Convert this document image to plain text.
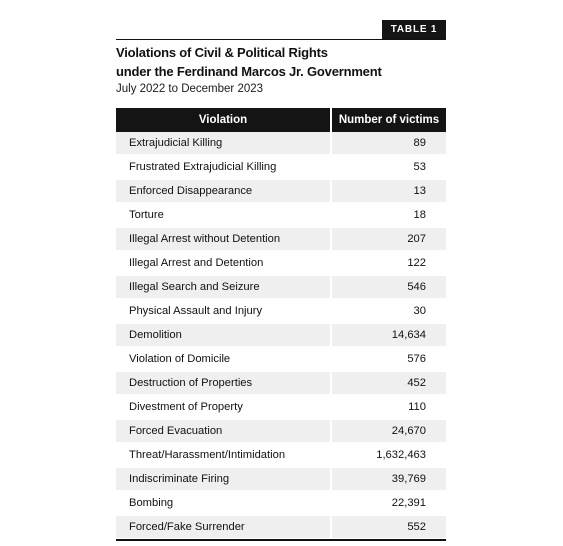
TABLE 1
Violations of Civil & Political Rights
under the Ferdinand Marcos Jr. Government
July 2022 to December 2023
Violation	Number of victims
Extrajudicial Killing	89
Frustrated Extrajudicial Killing	53
Enforced Disappearance	13
Torture	18
Illegal Arrest without Detention	207
Illegal Arrest and Detention	122
Illegal Search and Seizure	546
Physical Assault and Injury	30
Demolition	14,634
Violation of Domicile	576
Destruction of Properties	452
Divestment of Property	110
Forced Evacuation	24,670
Threat/Harassment/Intimidation	1,632,463
Indiscriminate Firing	39,769
Bombing	22,391
Forced/Fake Surrender	552
